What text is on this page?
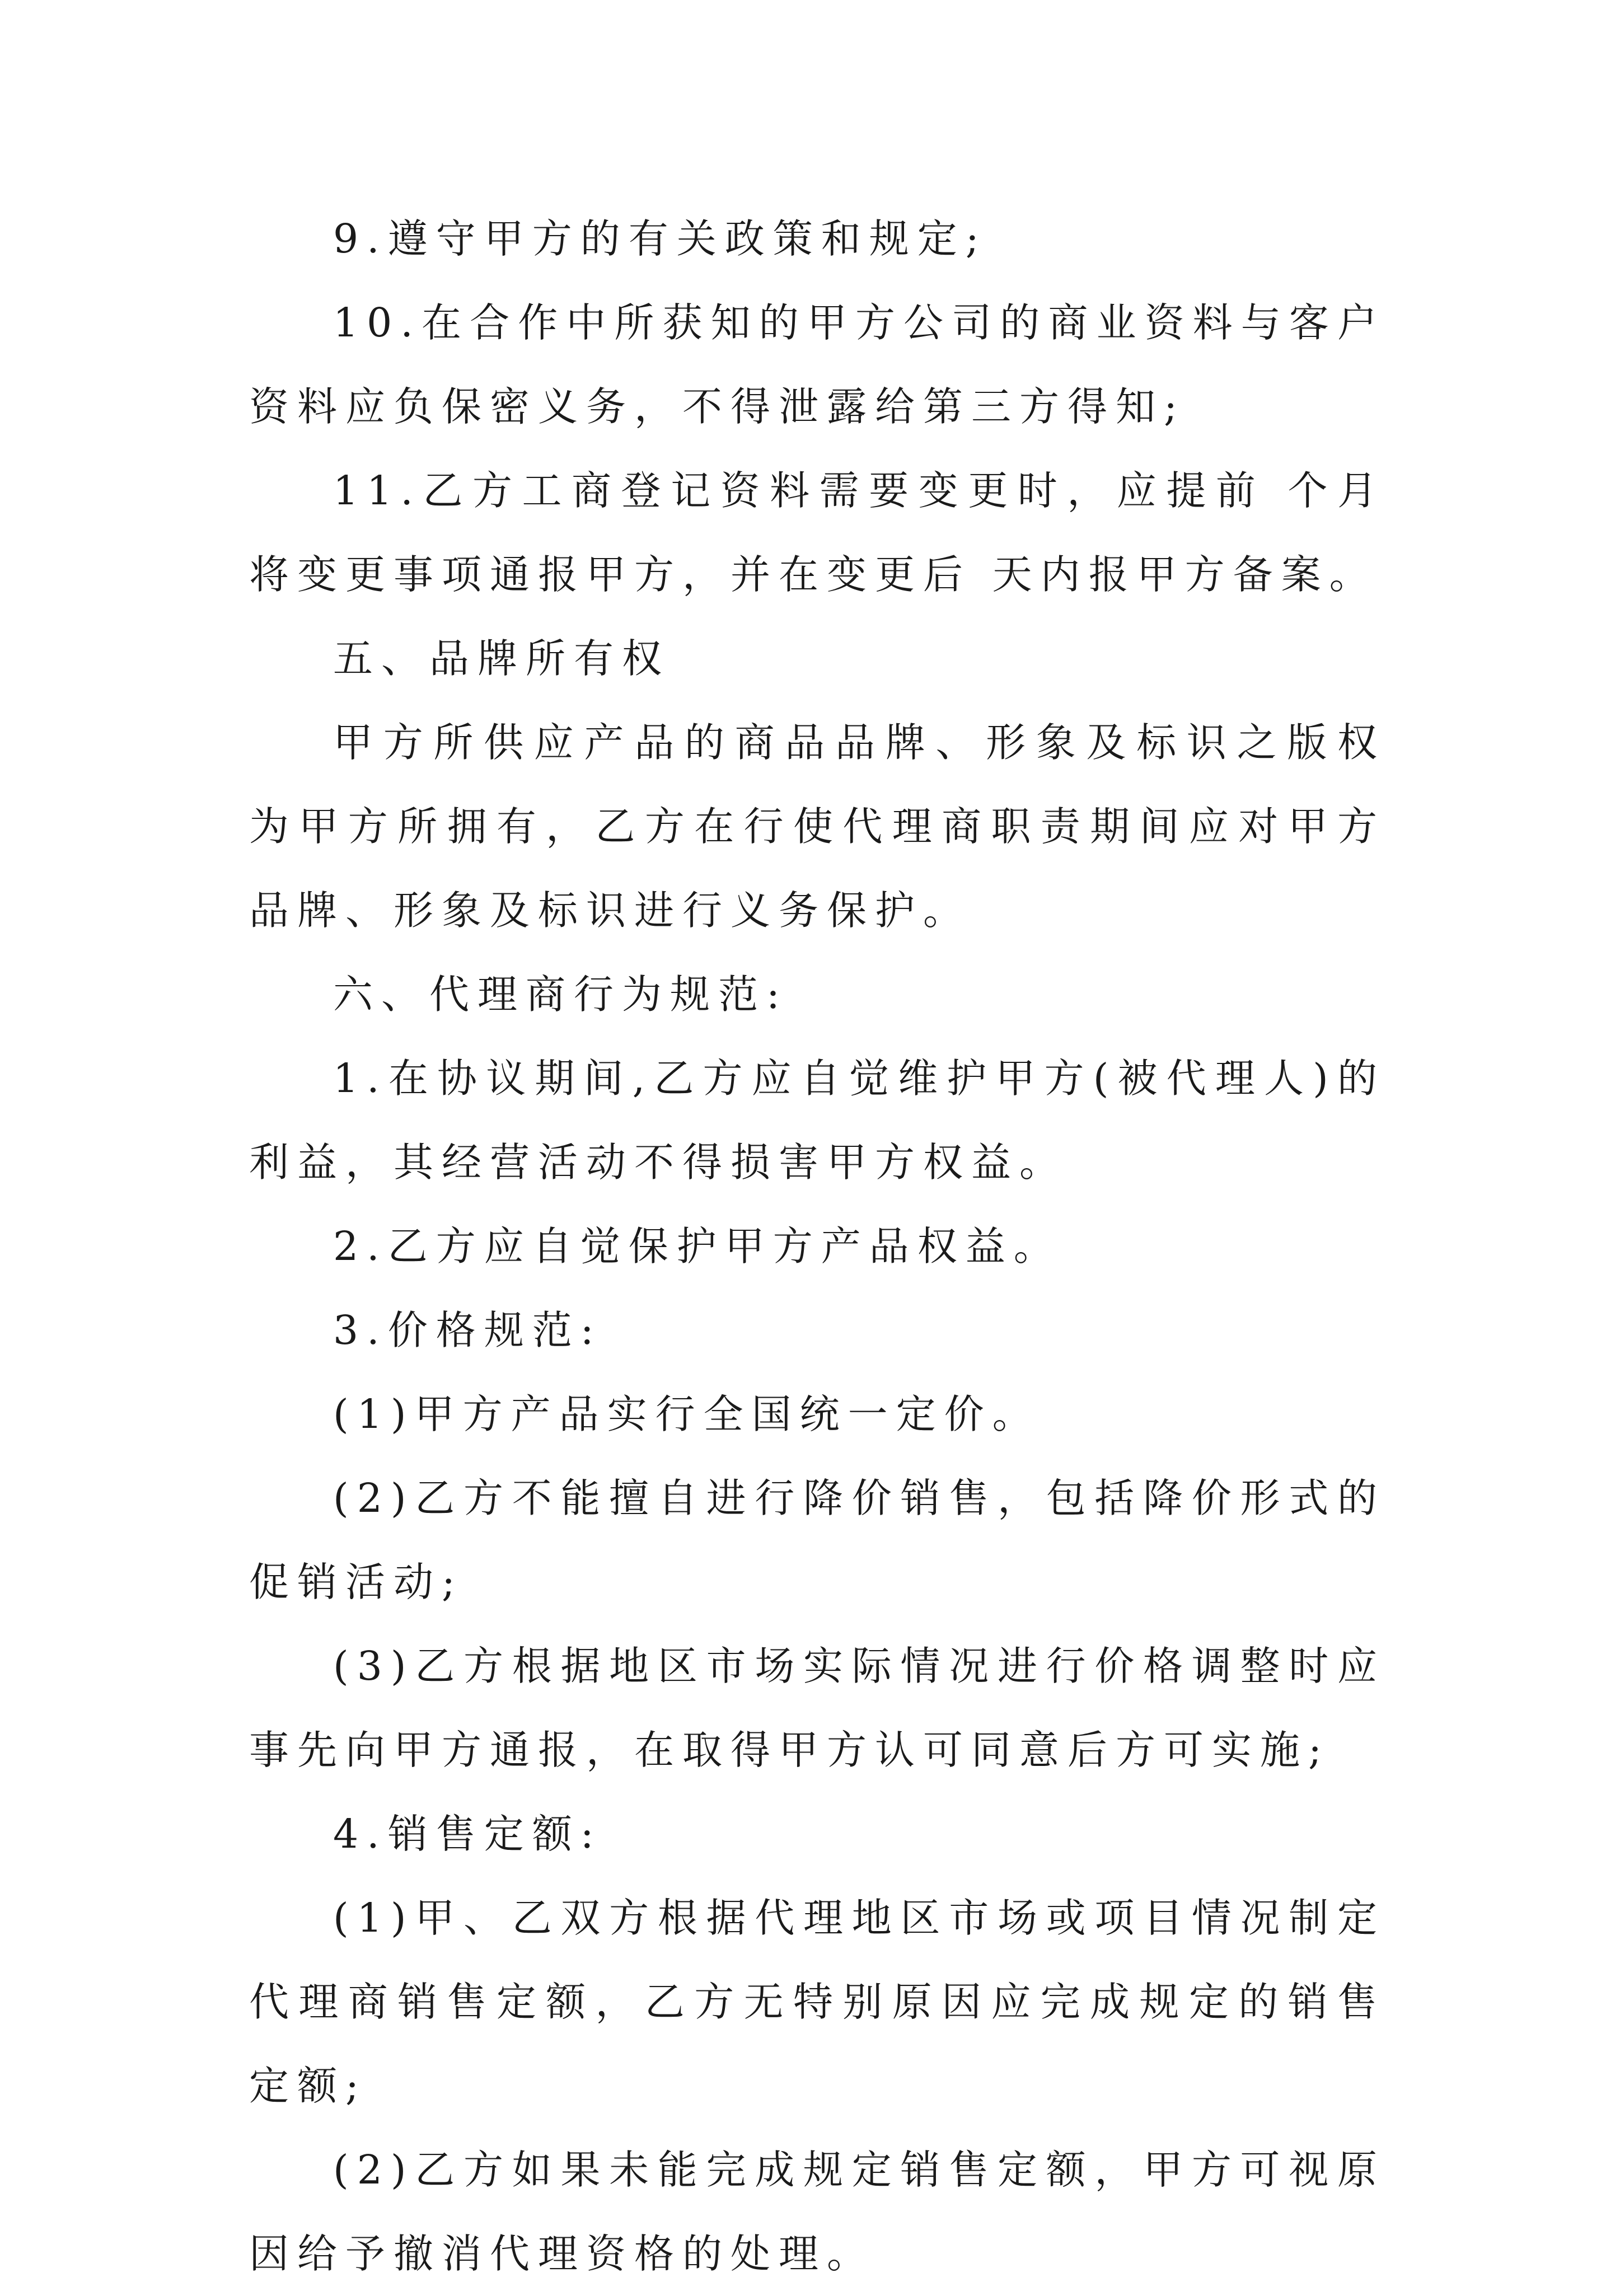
9.遵守甲方的有关政策和规定;

10.在合作中所获知的甲方公司的商业资料与客户资料应负保密义务，不得泄露给第三方得知;

11.乙方工商登记资料需要变更时，应提前 个月将变更事项通报甲方，并在变更后 天内报甲方备案。

五、品牌所有权

甲方所供应产品的商品品牌、形象及标识之版权为甲方所拥有，乙方在行使代理商职责期间应对甲方品牌、形象及标识进行义务保护。

六、代理商行为规范:

1.在协议期间,乙方应自觉维护甲方(被代理人)的利益，其经营活动不得损害甲方权益。

2.乙方应自觉保护甲方产品权益。

3.价格规范:

(1)甲方产品实行全国统一定价。

(2)乙方不能擅自进行降价销售，包括降价形式的促销活动;

(3)乙方根据地区市场实际情况进行价格调整时应事先向甲方通报，在取得甲方认可同意后方可实施;

4.销售定额:

(1)甲、乙双方根据代理地区市场或项目情况制定代理商销售定额，乙方无特别原因应完成规定的销售定额;

(2)乙方如果未能完成规定销售定额，甲方可视原因给予撤消代理资格的处理。
